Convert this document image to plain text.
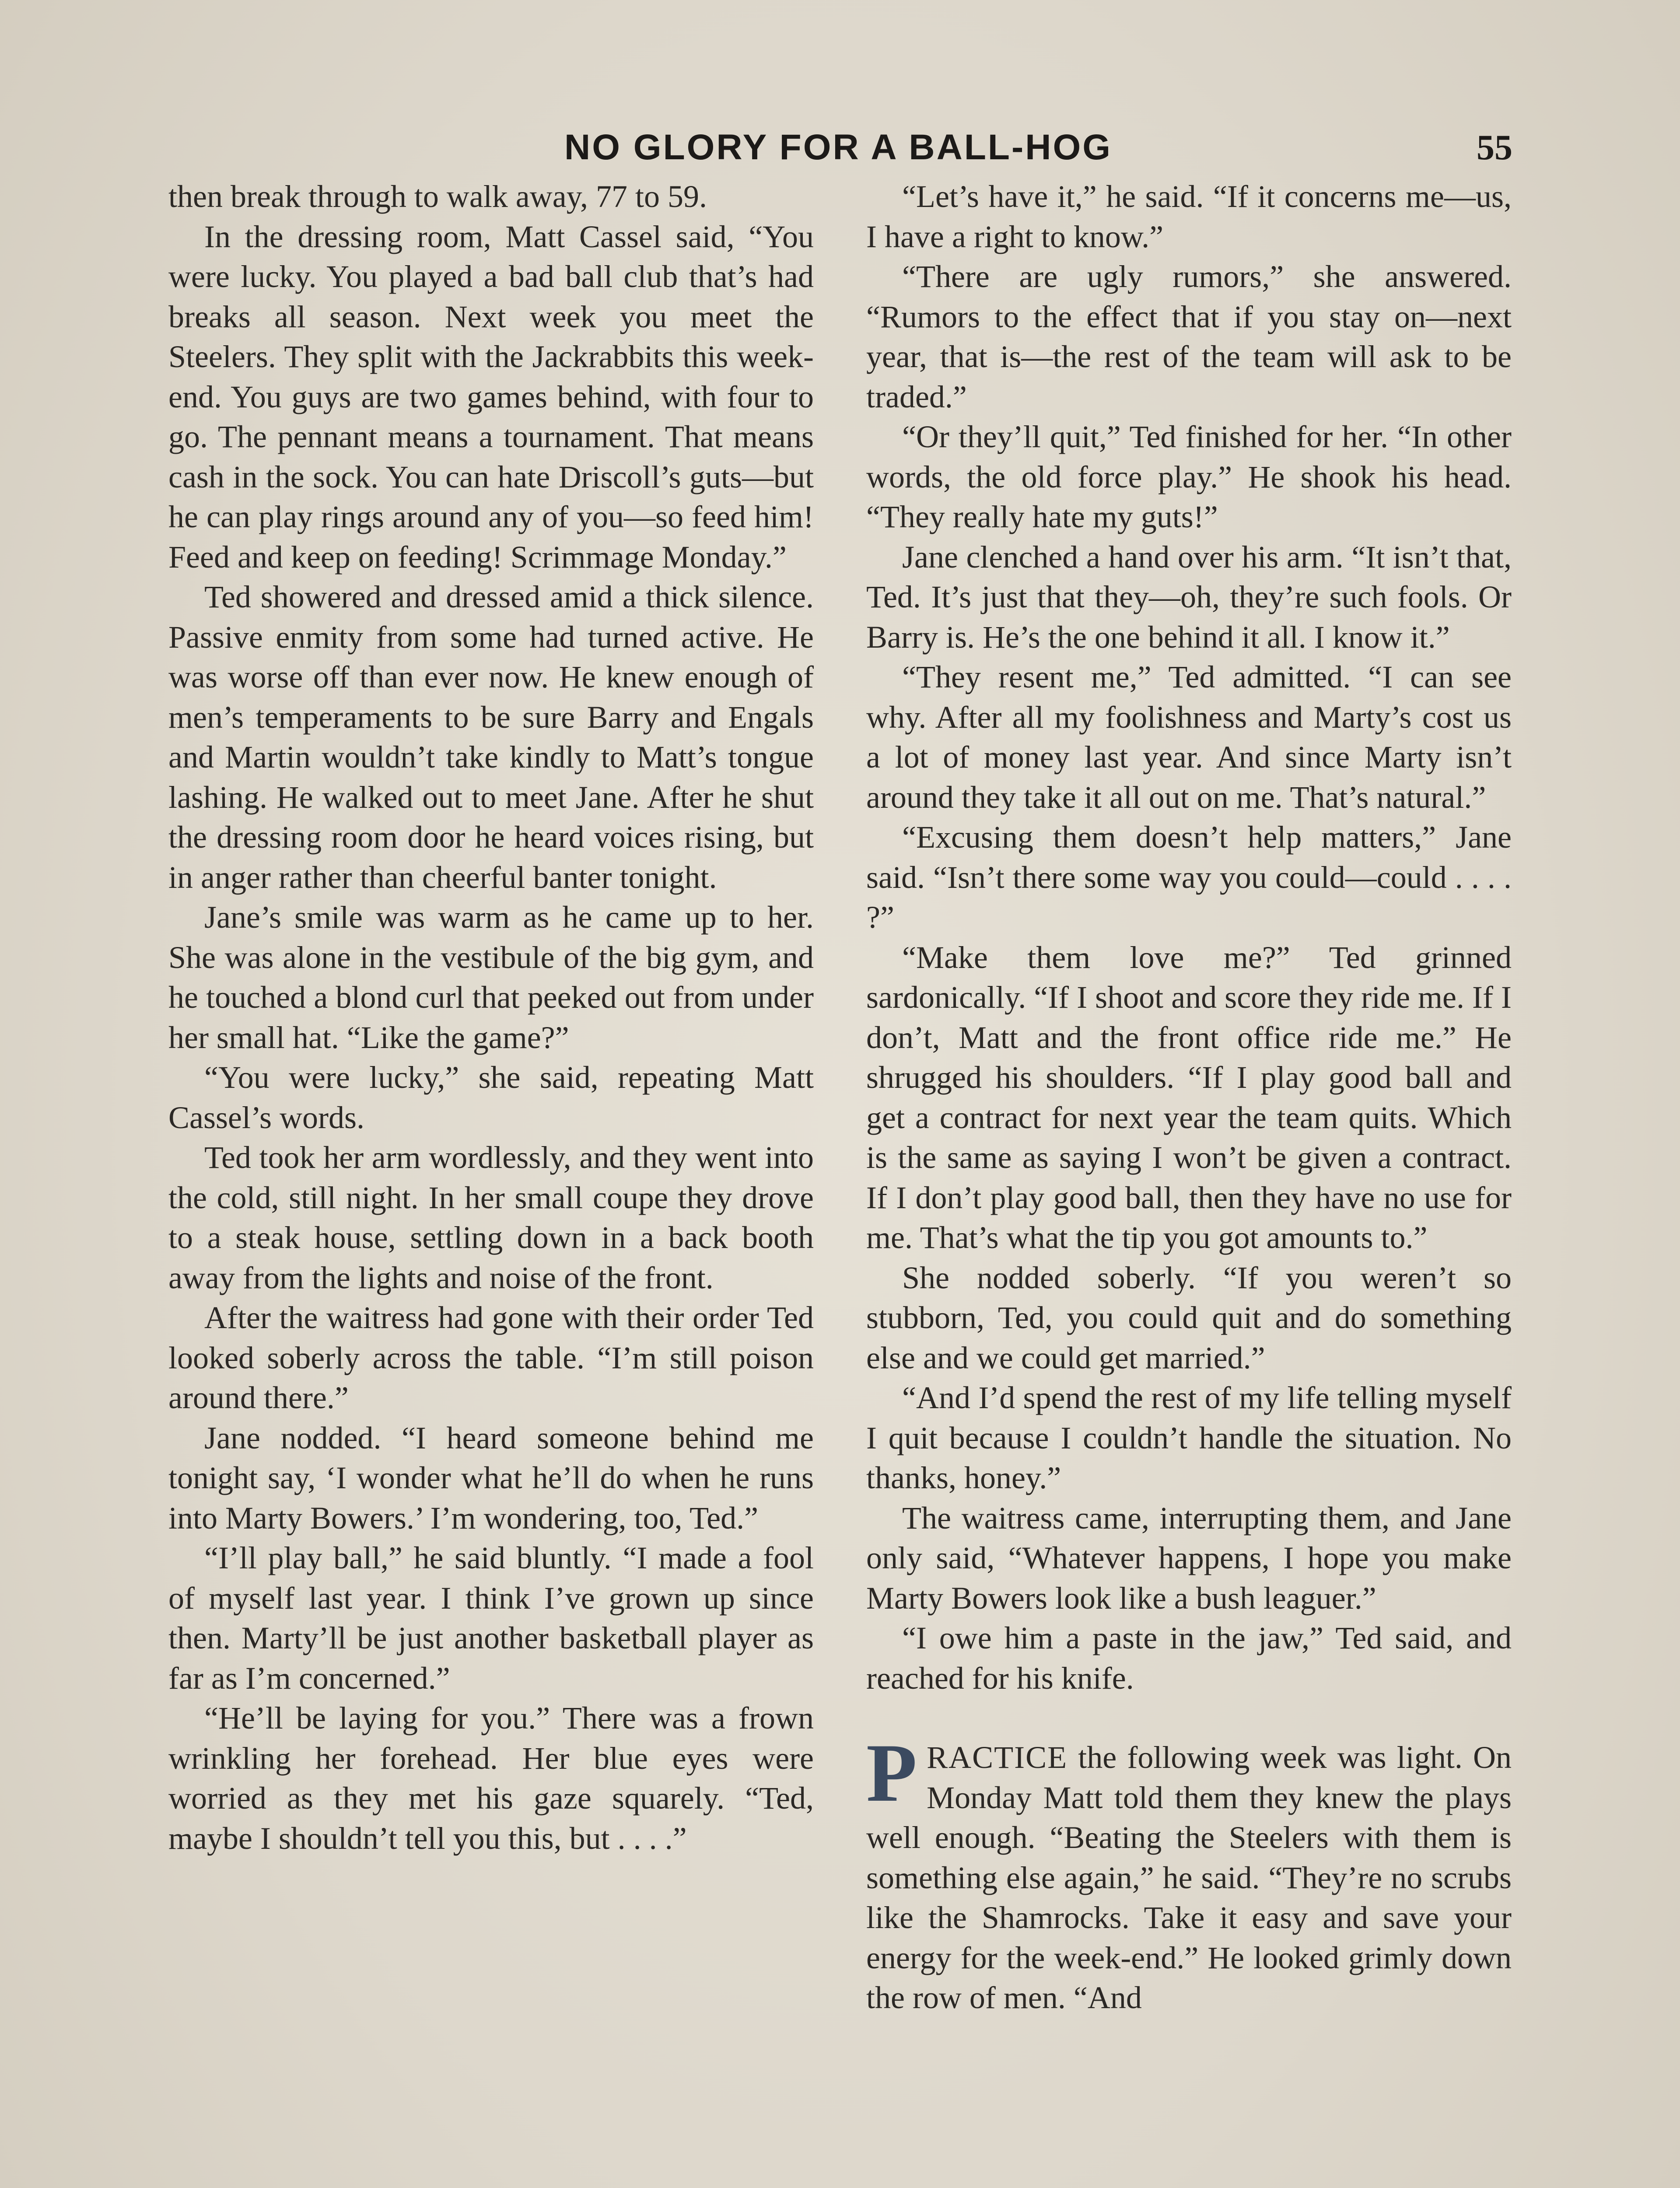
NO GLORY FOR A BALL-HOG	55

then break through to walk away, 77 to 59.

In the dressing room, Matt Cassel said, “You were lucky. You played a bad ball club that’s had breaks all season. Next week you meet the Steelers. They split with the Jackrabbits this week-end. You guys are two games behind, with four to go. The pennant means a tournament. That means cash in the sock. You can hate Driscoll’s guts—but he can play rings around any of you—so feed him! Feed and keep on feeding! Scrimmage Monday.”

Ted showered and dressed amid a thick silence. Passive enmity from some had turned active. He was worse off than ever now. He knew enough of men’s temperaments to be sure Barry and Engals and Martin wouldn’t take kindly to Matt’s tongue lashing. He walked out to meet Jane. After he shut the dressing room door he heard voices rising, but in anger rather than cheerful banter tonight.

Jane’s smile was warm as he came up to her. She was alone in the vestibule of the big gym, and he touched a blond curl that peeked out from under her small hat. “Like the game?”

“You were lucky,” she said, repeating Matt Cassel’s words.

Ted took her arm wordlessly, and they went into the cold, still night. In her small coupe they drove to a steak house, settling down in a back booth away from the lights and noise of the front.

After the waitress had gone with their order Ted looked soberly across the table. “I’m still poison around there.”

Jane nodded. “I heard someone behind me tonight say, ‘I wonder what he’ll do when he runs into Marty Bowers.’ I’m wondering, too, Ted.”

“I’ll play ball,” he said bluntly. “I made a fool of myself last year. I think I’ve grown up since then. Marty’ll be just another basketball player as far as I’m concerned.”

“He’ll be laying for you.” There was a frown wrinkling her forehead. Her blue eyes were worried as they met his gaze squarely. “Ted, maybe I shouldn’t tell you this, but . . . .”

“Let’s have it,” he said. “If it concerns me—us, I have a right to know.”

“There are ugly rumors,” she answered. “Rumors to the effect that if you stay on—next year, that is—the rest of the team will ask to be traded.”

“Or they’ll quit,” Ted finished for her. “In other words, the old force play.” He shook his head. “They really hate my guts!”

Jane clenched a hand over his arm. “It isn’t that, Ted. It’s just that they—oh, they’re such fools. Or Barry is. He’s the one behind it all. I know it.”

“They resent me,” Ted admitted. “I can see why. After all my foolishness and Marty’s cost us a lot of money last year. And since Marty isn’t around they take it all out on me. That’s natural.”

“Excusing them doesn’t help matters,” Jane said. “Isn’t there some way you could—could . . . . ?”

“Make them love me?” Ted grinned sardonically. “If I shoot and score they ride me. If I don’t, Matt and the front office ride me.” He shrugged his shoulders. “If I play good ball and get a contract for next year the team quits. Which is the same as saying I won’t be given a contract. If I don’t play good ball, then they have no use for me. That’s what the tip you got amounts to.”

She nodded soberly. “If you weren’t so stubborn, Ted, you could quit and do something else and we could get married.”

“And I’d spend the rest of my life telling myself I quit because I couldn’t handle the situation. No thanks, honey.”

The waitress came, interrupting them, and Jane only said, “Whatever happens, I hope you make Marty Bowers look like a bush leaguer.”

“I owe him a paste in the jaw,” Ted said, and reached for his knife.

PRACTICE the following week was light. On Monday Matt told them they knew the plays well enough. “Beating the Steelers with them is something else again,” he said. “They’re no scrubs like the Shamrocks. Take it easy and save your energy for the week-end.” He looked grimly down the row of men. “And
